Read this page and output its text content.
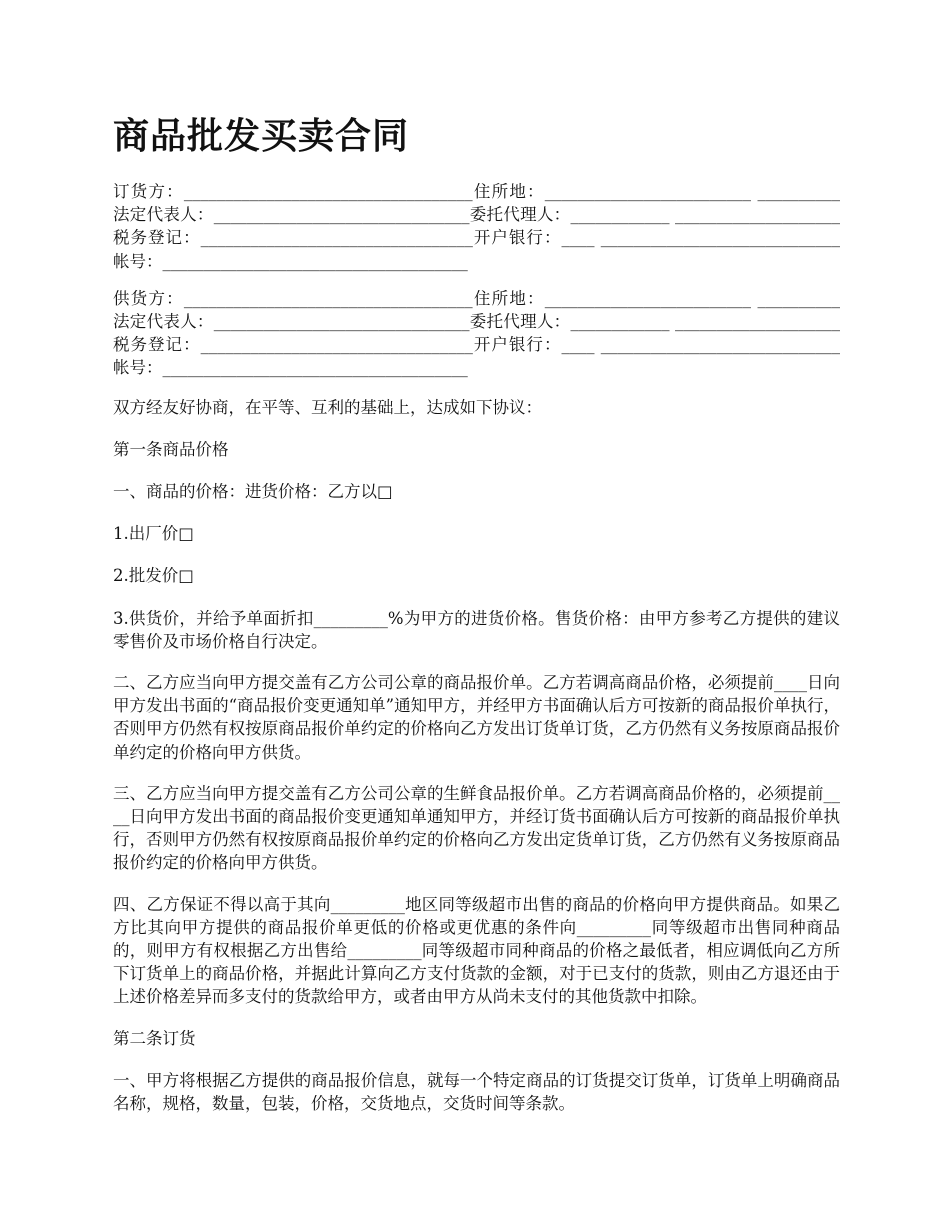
商品批发买卖合同

订货方：___________________________________住所地：_________________________ __________法定代表人：_______________________________委托代理人：____________ ____________________税务登记：_________________________________开户银行：____ _____________________________帐号：_____________________________________

供货方：___________________________________住所地：_________________________ __________法定代表人：_______________________________委托代理人：____________ ____________________税务登记：_________________________________开户银行：____ _____________________________帐号：_____________________________________

双方经友好协商，在平等、互利的基础上，达成如下协议：

第一条商品价格

一、商品的价格：进货价格：乙方以□

1.出厂价□

2.批发价□

3.供货价，并给予单面折扣_________%为甲方的进货价格。售货价格：由甲方参考乙方提供的建议零售价及市场价格自行决定。

二、乙方应当向甲方提交盖有乙方公司公章的商品报价单。乙方若调高商品价格，必须提前____日向甲方发出书面的“商品报价变更通知单”通知甲方，并经甲方书面确认后方可按新的商品报价单执行，否则甲方仍然有权按原商品报价单约定的价格向乙方发出订货单订货，乙方仍然有义务按原商品报价单约定的价格向甲方供货。

三、乙方应当向甲方提交盖有乙方公司公章的生鲜食品报价单。乙方若调高商品价格的，必须提前____日向甲方发出书面的商品报价变更通知单通知甲方，并经订货书面确认后方可按新的商品报价单执行，否则甲方仍然有权按原商品报价单约定的价格向乙方发出定货单订货，乙方仍然有义务按原商品报价约定的价格向甲方供货。

四、乙方保证不得以高于其向_________地区同等级超市出售的商品的价格向甲方提供商品。如果乙方比其向甲方提供的商品报价单更低的价格或更优惠的条件向_________同等级超市出售同种商品的，则甲方有权根据乙方出售给_________同等级超市同种商品的价格之最低者，相应调低向乙方所下订货单上的商品价格，并据此计算向乙方支付货款的金额，对于已支付的货款，则由乙方退还由于上述价格差异而多支付的货款给甲方，或者由甲方从尚未支付的其他货款中扣除。

第二条订货

一、甲方将根据乙方提供的商品报价信息，就每一个特定商品的订货提交订货单，订货单上明确商品名称，规格，数量，包装，价格，交货地点，交货时间等条款。
